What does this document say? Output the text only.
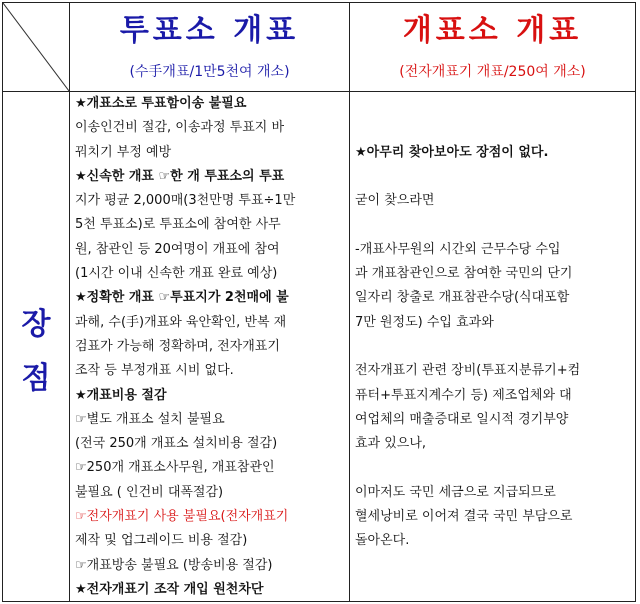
투표소 개표
(수手개표/1만5천여 개소)
개표소 개표
(전자개표기 개표/250여 개소)
장
점

★개표소로 투표함이송 불필요

이송인건비 절감, 이송과정 투표지 바

꿔치기 부정 예방

★신속한 개표 ☞한 개 투표소의 투표

지가 평균 2,000매(3천만명 투표÷1만

5천 투표소)로 투표소에 참여한 사무

원, 참관인 등 20여명이 개표에 참여

(1시간 이내 신속한 개표 완료 예상)

★정확한 개표 ☞투표지가 2천매에 불

과해, 수(手)개표와 육안확인, 반복 재

검표가 가능해 정확하며, 전자개표기

조작 등 부정개표 시비 없다.

★개표비용 절감

☞별도 개표소 설치 불필요

(전국 250개 개표소 설치비용 절감)

☞250개 개표소사무원, 개표참관인

불필요 ( 인건비 대폭절감)

☞전자개표기 사용 불필요(전자개표기

제작 및 업그레이드 비용 절감)

☞개표방송 불필요 (방송비용 절감)

★전자개표기 조작 개입 원천차단

★아무리 찾아보아도 장점이 없다.

굳이 찾으라면

-개표사무원의 시간외 근무수당 수입

과 개표참관인으로 참여한 국민의 단기

일자리 창출로 개표참관수당(식대포함

7만 원정도) 수입 효과와

전자개표기 관련 장비(투표지분류기+컴

퓨터+투표지계수기 등) 제조업체와 대

여업체의 매출증대로 일시적 경기부양

효과 있으나,

이마저도 국민 세금으로 지급되므로

혈세낭비로 이어져 결국 국민 부담으로

돌아온다.
